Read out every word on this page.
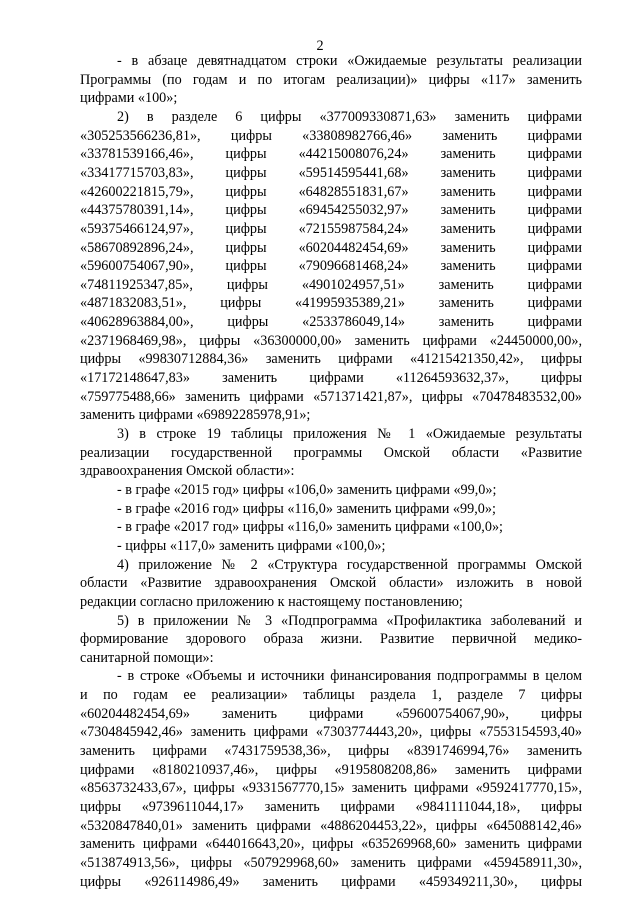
2
- в абзаце девятнадцатом строки «Ожидаемые результаты реализации
Программы (по годам и по итогам реализации)» цифры «117» заменить
цифрами «100»;
2) в разделе 6 цифры «377009330871,63» заменить цифрами
«305253566236,81», цифры «33808982766,46» заменить цифрами
«33781539166,46», цифры «44215008076,24» заменить цифрами
«33417715703,83», цифры «59514595441,68» заменить цифрами
«42600221815,79», цифры «64828551831,67» заменить цифрами
«44375780391,14», цифры «69454255032,97» заменить цифрами
«59375466124,97», цифры «72155987584,24» заменить цифрами
«58670892896,24», цифры «60204482454,69» заменить цифрами
«59600754067,90», цифры «79096681468,24» заменить цифрами
«74811925347,85», цифры «4901024957,51» заменить цифрами
«4871832083,51», цифры «41995935389,21» заменить цифрами
«40628963884,00», цифры «2533786049,14» заменить цифрами
«2371968469,98», цифры «36300000,00» заменить цифрами «24450000,00»,
цифры «99830712884,36» заменить цифрами «41215421350,42», цифры
«17172148647,83» заменить цифрами «11264593632,37», цифры
«759775488,66» заменить цифрами «571371421,87», цифры «70478483532,00»
заменить цифрами «69892285978,91»;
3) в строке 19 таблицы приложения № 1 «Ожидаемые результаты
реализации государственной программы Омской области «Развитие
здравоохранения Омской области»:
- в графе «2015 год» цифры «106,0» заменить цифрами «99,0»;
- в графе «2016 год» цифры «116,0» заменить цифрами «99,0»;
- в графе «2017 год» цифры «116,0» заменить цифрами «100,0»;
- цифры «117,0» заменить цифрами «100,0»;
4) приложение № 2 «Структура государственной программы Омской
области «Развитие здравоохранения Омской области» изложить в новой
редакции согласно приложению к настоящему постановлению;
5) в приложении № 3 «Подпрограмма «Профилактика заболеваний и
формирование здорового образа жизни. Развитие первичной медико-
санитарной помощи»:
- в строке «Объемы и источники финансирования подпрограммы в целом
и по годам ее реализации» таблицы раздела 1, разделе 7 цифры
«60204482454,69» заменить цифрами «59600754067,90», цифры
«7304845942,46» заменить цифрами «7303774443,20», цифры «7553154593,40»
заменить цифрами «7431759538,36», цифры «8391746994,76» заменить
цифрами «8180210937,46», цифры «9195808208,86» заменить цифрами
«8563732433,67», цифры «9331567770,15» заменить цифрами «9592417770,15»,
цифры «9739611044,17» заменить цифрами «9841111044,18», цифры
«5320847840,01» заменить цифрами «4886204453,22», цифры «645088142,46»
заменить цифрами «644016643,20», цифры «635269968,60» заменить цифрами
«513874913,56», цифры «507929968,60» заменить цифрами «459458911,30»,
цифры «926114986,49» заменить цифрами «459349211,30», цифры
